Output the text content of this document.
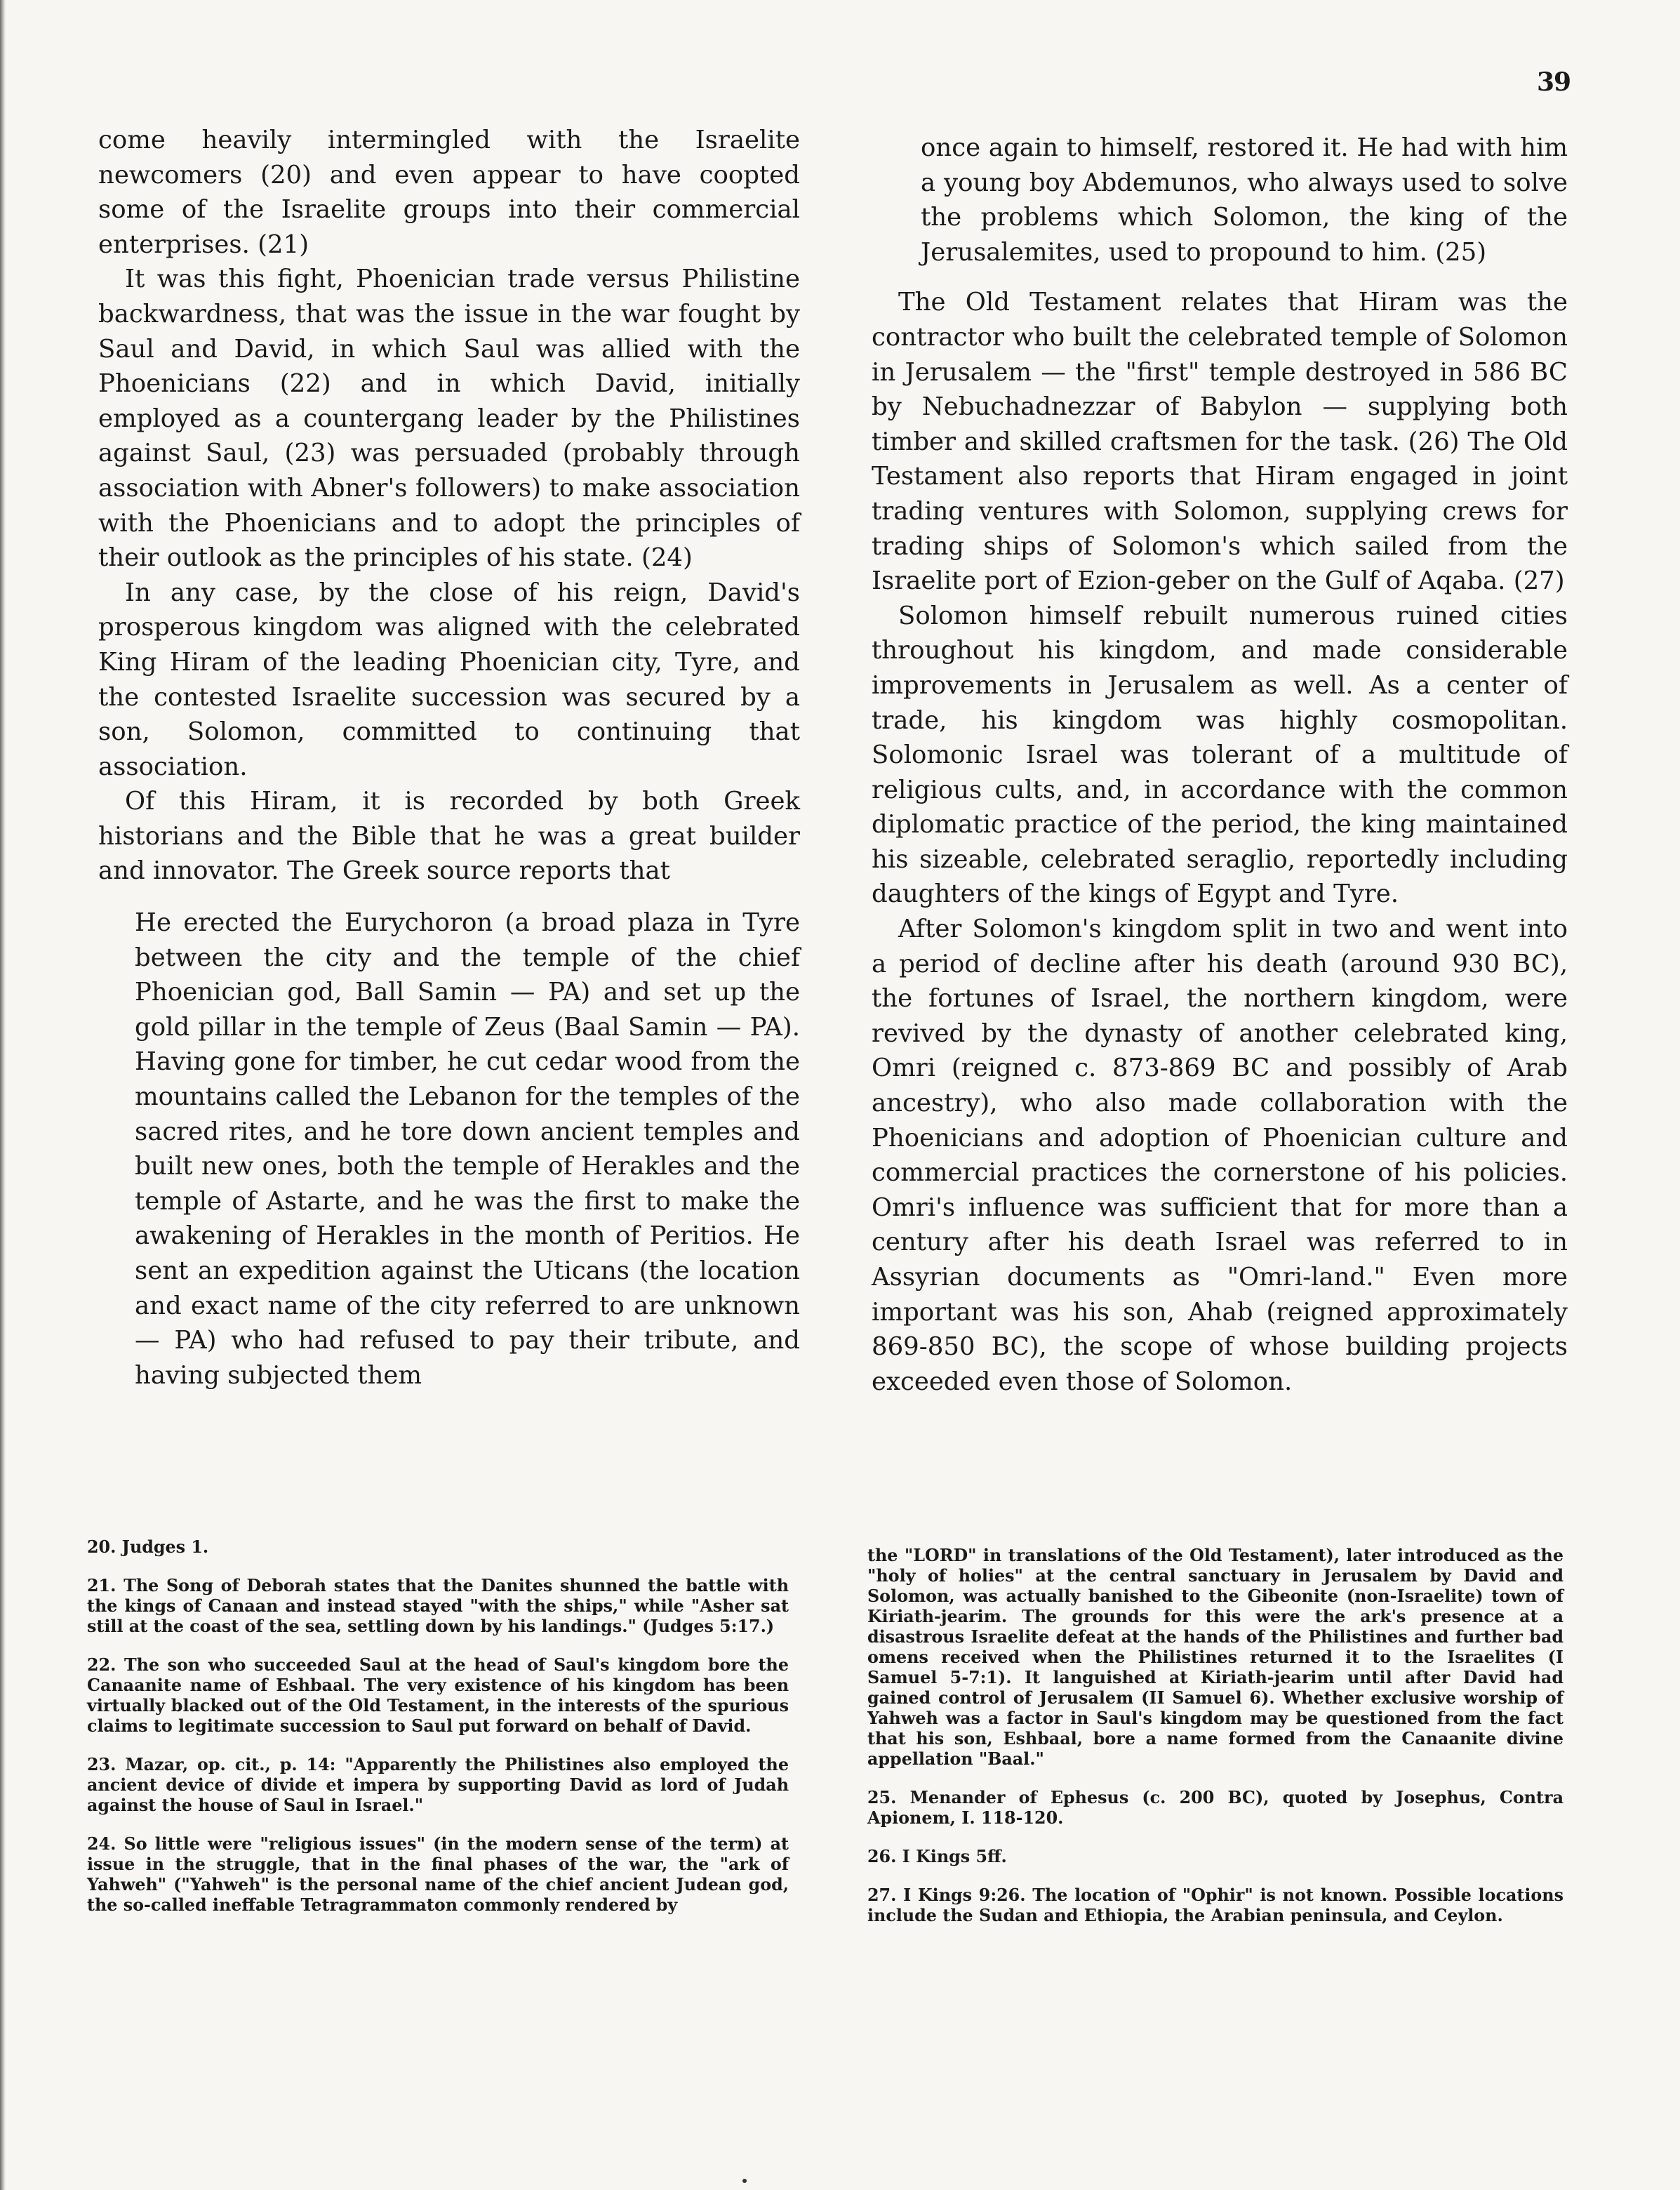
39

come heavily intermingled with the Israelite newcomers (20) and even appear to have coopted some of the Israelite groups into their commercial enterprises. (21)

It was this fight, Phoenician trade versus Philistine backwardness, that was the issue in the war fought by Saul and David, in which Saul was allied with the Phoenicians (22) and in which David, initially employed as a countergang leader by the Philistines against Saul, (23) was persuaded (probably through association with Abner's followers) to make association with the Phoenicians and to adopt the principles of their outlook as the principles of his state. (24)

In any case, by the close of his reign, David's prosperous kingdom was aligned with the celebrated King Hiram of the leading Phoenician city, Tyre, and the contested Israelite succession was secured by a son, Solomon, committed to continuing that association.

Of this Hiram, it is recorded by both Greek historians and the Bible that he was a great builder and innovator. The Greek source reports that

He erected the Eurychoron (a broad plaza in Tyre between the city and the temple of the chief Phoenician god, Ball Samin — PA) and set up the gold pillar in the temple of Zeus (Baal Samin — PA). Having gone for timber, he cut cedar wood from the mountains called the Lebanon for the temples of the sacred rites, and he tore down ancient temples and built new ones, both the temple of Herakles and the temple of Astarte, and he was the first to make the awakening of Herakles in the month of Peritios. He sent an expedition against the Uticans (the location and exact name of the city referred to are unknown — PA) who had refused to pay their tribute, and having subjected them

once again to himself, restored it. He had with him a young boy Abdemunos, who always used to solve the problems which Solomon, the king of the Jerusalemites, used to propound to him. (25)

The Old Testament relates that Hiram was the contractor who built the celebrated temple of Solomon in Jerusalem — the "first" temple destroyed in 586 BC by Nebuchadnezzar of Babylon — supplying both timber and skilled craftsmen for the task. (26) The Old Testament also reports that Hiram engaged in joint trading ventures with Solomon, supplying crews for trading ships of Solomon's which sailed from the Israelite port of Ezion-geber on the Gulf of Aqaba. (27)

Solomon himself rebuilt numerous ruined cities throughout his kingdom, and made considerable improvements in Jerusalem as well. As a center of trade, his kingdom was highly cosmopolitan. Solomonic Israel was tolerant of a multitude of religious cults, and, in accordance with the common diplomatic practice of the period, the king maintained his sizeable, celebrated seraglio, reportedly including daughters of the kings of Egypt and Tyre.

After Solomon's kingdom split in two and went into a period of decline after his death (around 930 BC), the fortunes of Israel, the northern kingdom, were revived by the dynasty of another celebrated king, Omri (reigned c. 873-869 BC and possibly of Arab ancestry), who also made collaboration with the Phoenicians and adoption of Phoenician culture and commercial practices the cornerstone of his policies. Omri's influence was sufficient that for more than a century after his death Israel was referred to in Assyrian documents as "Omri-land." Even more important was his son, Ahab (reigned approximately 869-850 BC), the scope of whose building projects exceeded even those of Solomon.

20. Judges 1.

21. The Song of Deborah states that the Danites shunned the battle with the kings of Canaan and instead stayed "with the ships," while "Asher sat still at the coast of the sea, settling down by his landings." (Judges 5:17.)

22. The son who succeeded Saul at the head of Saul's kingdom bore the Canaanite name of Eshbaal. The very existence of his kingdom has been virtually blacked out of the Old Testament, in the interests of the spurious claims to legitimate succession to Saul put forward on behalf of David.

23. Mazar, op. cit., p. 14: "Apparently the Philistines also employed the ancient device of divide et impera by supporting David as lord of Judah against the house of Saul in Israel."

24. So little were "religious issues" (in the modern sense of the term) at issue in the struggle, that in the final phases of the war, the "ark of Yahweh" ("Yahweh" is the personal name of the chief ancient Judean god, the so-called ineffable Tetragrammaton commonly rendered by

the "LORD" in translations of the Old Testament), later introduced as the "holy of holies" at the central sanctuary in Jerusalem by David and Solomon, was actually banished to the Gibeonite (non-Israelite) town of Kiriath-jearim. The grounds for this were the ark's presence at a disastrous Israelite defeat at the hands of the Philistines and further bad omens received when the Philistines returned it to the Israelites (I Samuel 5-7:1). It languished at Kiriath-jearim until after David had gained control of Jerusalem (II Samuel 6). Whether exclusive worship of Yahweh was a factor in Saul's kingdom may be questioned from the fact that his son, Eshbaal, bore a name formed from the Canaanite divine appellation "Baal."

25. Menander of Ephesus (c. 200 BC), quoted by Josephus, Contra Apionem, I. 118-120.

26. I Kings 5ff.

27. I Kings 9:26. The location of "Ophir" is not known. Possible locations include the Sudan and Ethiopia, the Arabian peninsula, and Ceylon.
